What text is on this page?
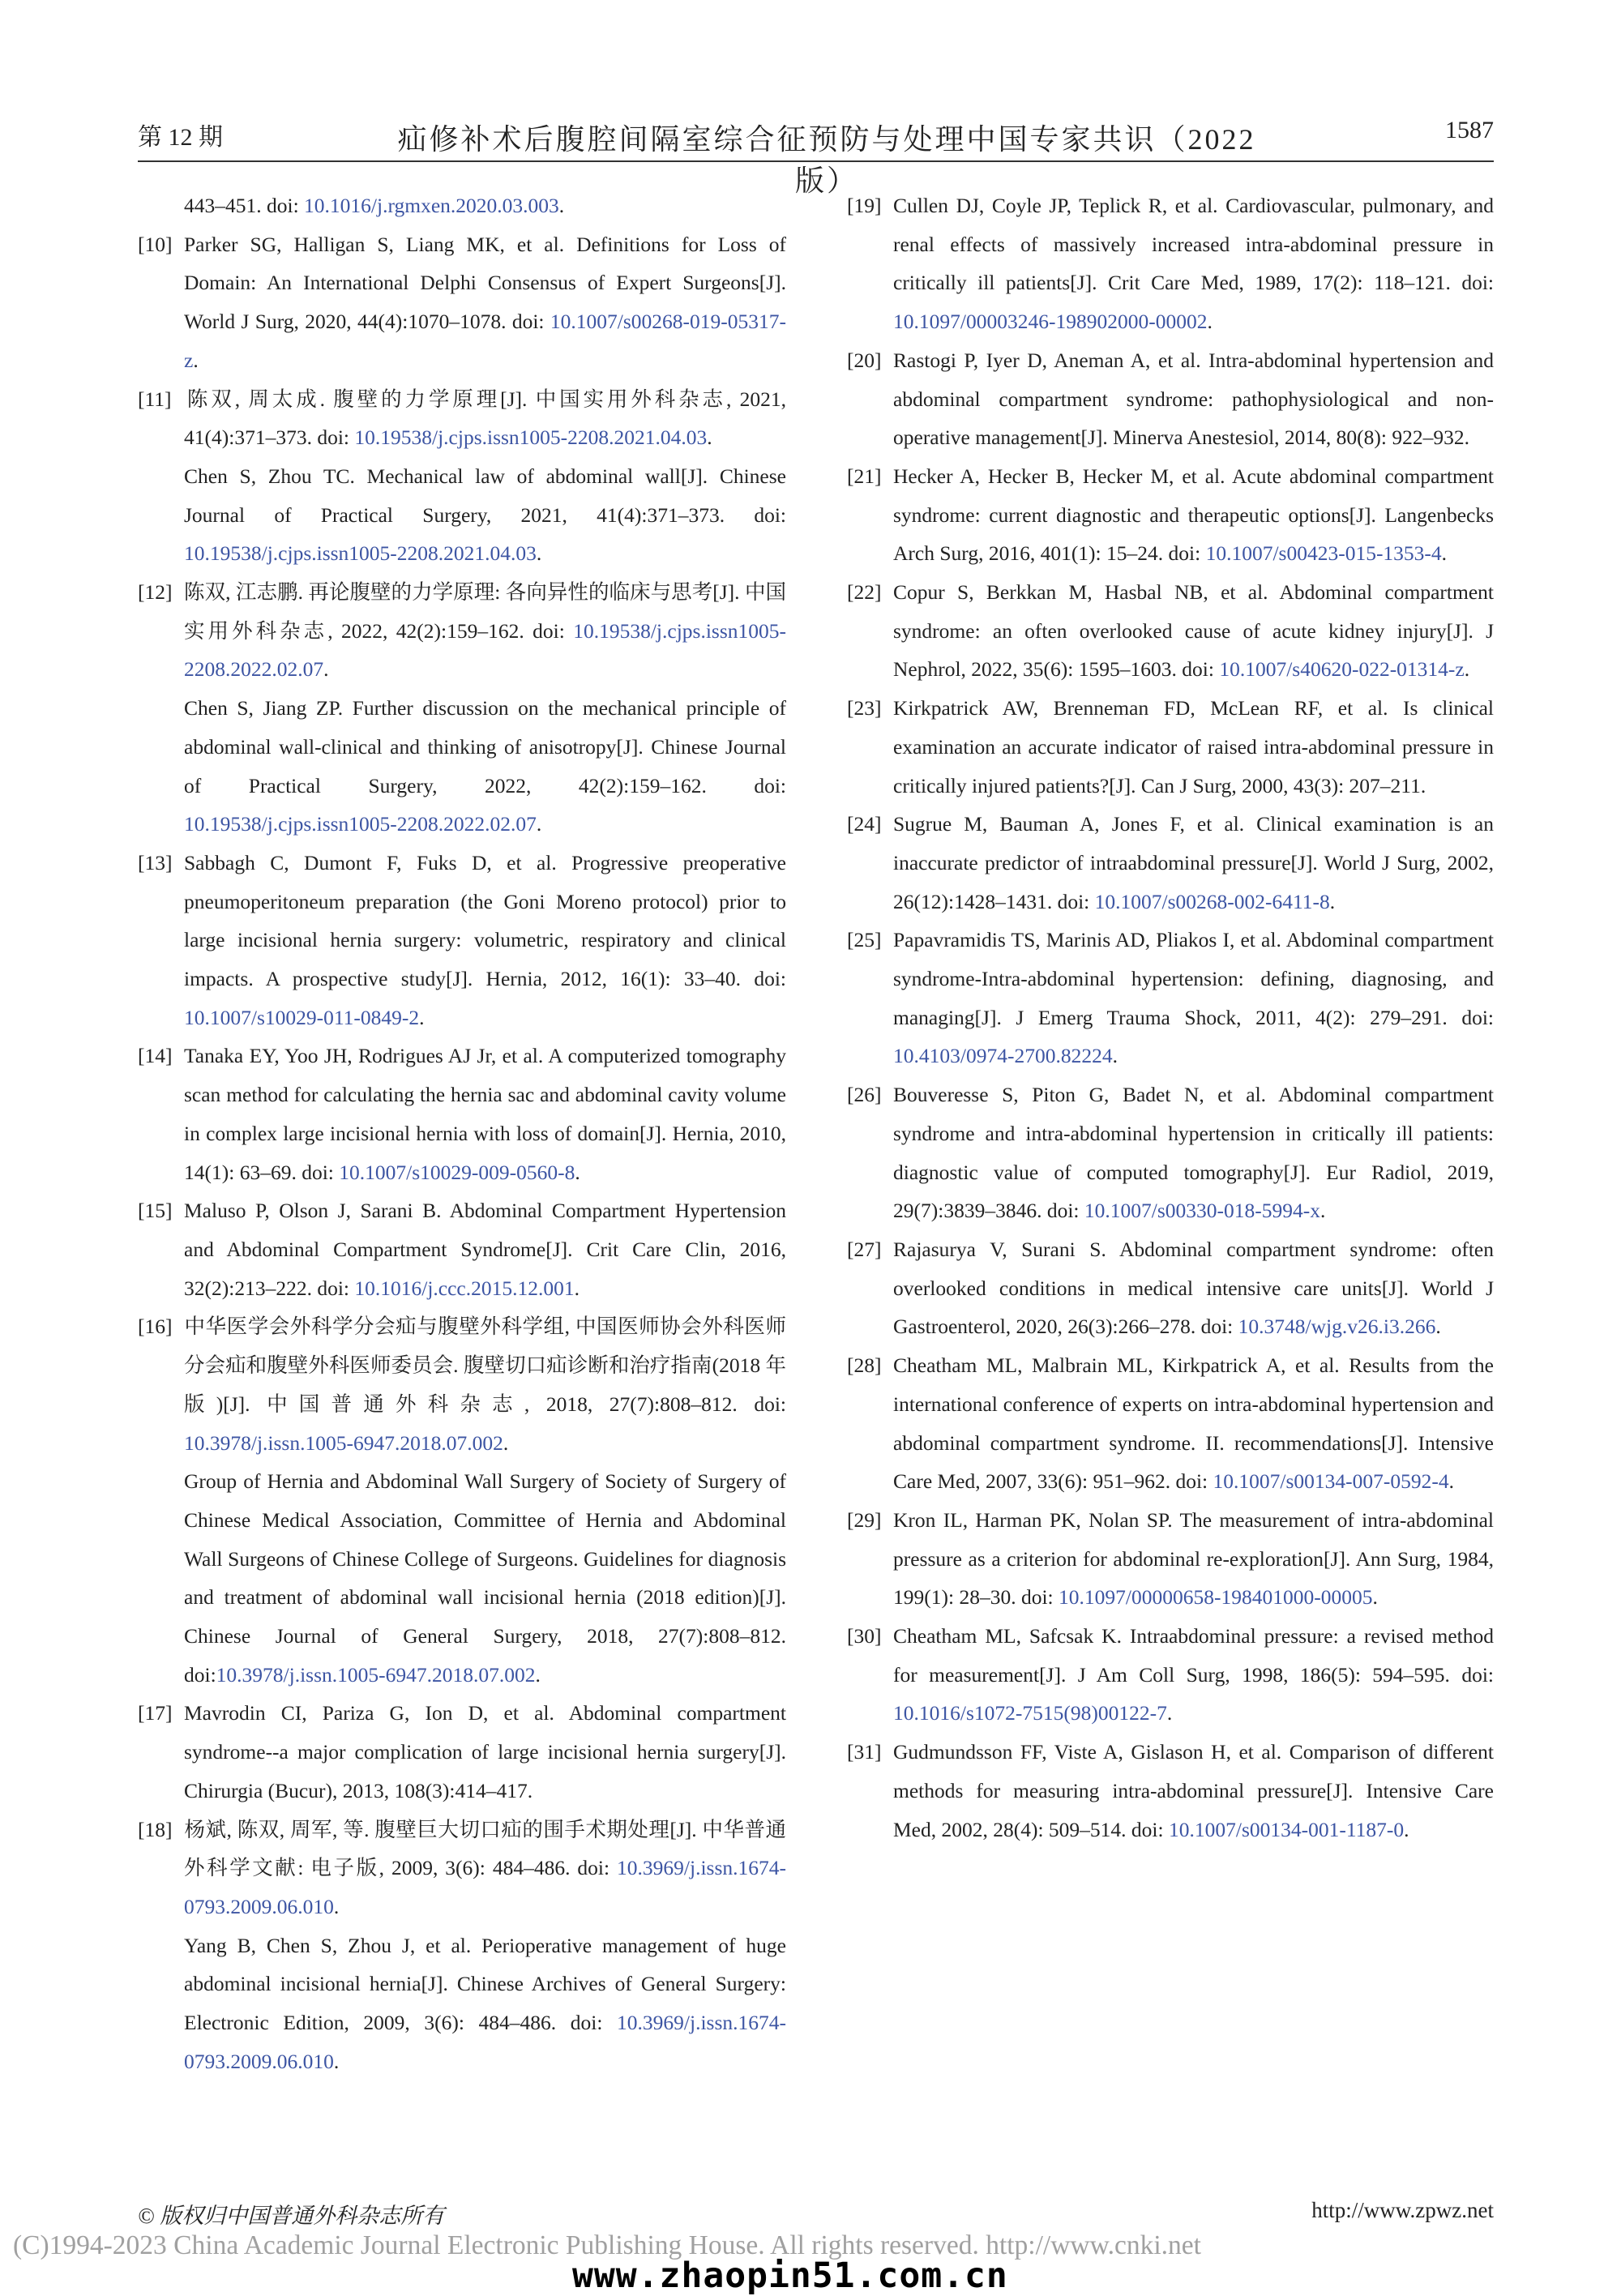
第 12 期	疝修补术后腹腔间隔室综合征预防与处理中国专家共识（2022 版）
1587
443–451. doi: 10.1016/j.rgmxen.2020.03.003.
[10] Parker SG, Halligan S, Liang MK, et al. Definitions for Loss of Domain: An International Delphi Consensus of Expert Surgeons[J]. World J Surg, 2020, 44(4):1070–1078. doi: 10.1007/s00268-019-05317-z.
[11] 陈双, 周太成. 腹壁的力学原理[J]. 中国实用外科杂志, 2021, 41(4):371–373. doi: 10.19538/j.cjps.issn1005-2208.2021.04.03.
Chen S, Zhou TC. Mechanical law of abdominal wall[J]. Chinese Journal of Practical Surgery, 2021, 41(4):371–373. doi: 10.19538/j.cjps.issn1005-2208.2021.04.03.
[12] 陈双, 江志鹏. 再论腹壁的力学原理: 各向异性的临床与思考[J]. 中国实用外科杂志, 2022, 42(2):159–162. doi: 10.19538/j.cjps.issn1005-2208.2022.02.07.
Chen S, Jiang ZP. Further discussion on the mechanical principle of abdominal wall-clinical and thinking of anisotropy[J]. Chinese Journal of Practical Surgery, 2022, 42(2):159–162. doi: 10.19538/j.cjps.issn1005-2208.2022.02.07.
[13] Sabbagh C, Dumont F, Fuks D, et al. Progressive preoperative pneumoperitoneum preparation (the Goni Moreno protocol) prior to large incisional hernia surgery: volumetric, respiratory and clinical impacts. A prospective study[J]. Hernia, 2012, 16(1): 33–40. doi: 10.1007/s10029-011-0849-2.
[14] Tanaka EY, Yoo JH, Rodrigues AJ Jr, et al. A computerized tomography scan method for calculating the hernia sac and abdominal cavity volume in complex large incisional hernia with loss of domain[J]. Hernia, 2010, 14(1): 63–69. doi: 10.1007/s10029-009-0560-8.
[15] Maluso P, Olson J, Sarani B. Abdominal Compartment Hypertension and Abdominal Compartment Syndrome[J]. Crit Care Clin, 2016, 32(2):213–222. doi: 10.1016/j.ccc.2015.12.001.
[16] 中华医学会外科学分会疝与腹壁外科学组, 中国医师协会外科医师分会疝和腹壁外科医师委员会. 腹壁切口疝诊断和治疗指南(2018 年版)[J]. 中国普通外科杂志, 2018, 27(7):808–812. doi: 10.3978/j.issn.1005-6947.2018.07.002.
Group of Hernia and Abdominal Wall Surgery of Society of Surgery of Chinese Medical Association, Committee of Hernia and Abdominal Wall Surgeons of Chinese College of Surgeons. Guidelines for diagnosis and treatment of abdominal wall incisional hernia (2018 edition)[J]. Chinese Journal of General Surgery, 2018, 27(7):808–812. doi:10.3978/j.issn.1005-6947.2018.07.002.
[17] Mavrodin CI, Pariza G, Ion D, et al. Abdominal compartment syndrome--a major complication of large incisional hernia surgery[J]. Chirurgia (Bucur), 2013, 108(3):414–417.
[18] 杨斌, 陈双, 周军, 等. 腹壁巨大切口疝的围手术期处理[J]. 中华普通外科学文献: 电子版, 2009, 3(6): 484–486. doi: 10.3969/j.issn.1674-0793.2009.06.010.
Yang B, Chen S, Zhou J, et al. Perioperative management of huge abdominal incisional hernia[J]. Chinese Archives of General Surgery: Electronic Edition, 2009, 3(6): 484–486. doi: 10.3969/j.issn.1674-0793.2009.06.010.
[19] Cullen DJ, Coyle JP, Teplick R, et al. Cardiovascular, pulmonary, and renal effects of massively increased intra-abdominal pressure in critically ill patients[J]. Crit Care Med, 1989, 17(2): 118–121. doi: 10.1097/00003246-198902000-00002.
[20] Rastogi P, Iyer D, Aneman A, et al. Intra-abdominal hypertension and abdominal compartment syndrome: pathophysiological and non-operative management[J]. Minerva Anestesiol, 2014, 80(8): 922–932.
[21] Hecker A, Hecker B, Hecker M, et al. Acute abdominal compartment syndrome: current diagnostic and therapeutic options[J]. Langenbecks Arch Surg, 2016, 401(1): 15–24. doi: 10.1007/s00423-015-1353-4.
[22] Copur S, Berkkan M, Hasbal NB, et al. Abdominal compartment syndrome: an often overlooked cause of acute kidney injury[J]. J Nephrol, 2022, 35(6): 1595–1603. doi: 10.1007/s40620-022-01314-z.
[23] Kirkpatrick AW, Brenneman FD, McLean RF, et al. Is clinical examination an accurate indicator of raised intra-abdominal pressure in critically injured patients?[J]. Can J Surg, 2000, 43(3): 207–211.
[24] Sugrue M, Bauman A, Jones F, et al. Clinical examination is an inaccurate predictor of intraabdominal pressure[J]. World J Surg, 2002, 26(12):1428–1431. doi: 10.1007/s00268-002-6411-8.
[25] Papavramidis TS, Marinis AD, Pliakos I, et al. Abdominal compartment syndrome-Intra-abdominal hypertension: defining, diagnosing, and managing[J]. J Emerg Trauma Shock, 2011, 4(2): 279–291. doi: 10.4103/0974-2700.82224.
[26] Bouveresse S, Piton G, Badet N, et al. Abdominal compartment syndrome and intra-abdominal hypertension in critically ill patients: diagnostic value of computed tomography[J]. Eur Radiol, 2019, 29(7):3839–3846. doi: 10.1007/s00330-018-5994-x.
[27] Rajasurya V, Surani S. Abdominal compartment syndrome: often overlooked conditions in medical intensive care units[J]. World J Gastroenterol, 2020, 26(3):266–278. doi: 10.3748/wjg.v26.i3.266.
[28] Cheatham ML, Malbrain ML, Kirkpatrick A, et al. Results from the international conference of experts on intra-abdominal hypertension and abdominal compartment syndrome. II. recommendations[J]. Intensive Care Med, 2007, 33(6): 951–962. doi: 10.1007/s00134-007-0592-4.
[29] Kron IL, Harman PK, Nolan SP. The measurement of intra-abdominal pressure as a criterion for abdominal re-exploration[J]. Ann Surg, 1984, 199(1): 28–30. doi: 10.1097/00000658-198401000-00005.
[30] Cheatham ML, Safcsak K. Intraabdominal pressure: a revised method for measurement[J]. J Am Coll Surg, 1998, 186(5): 594–595. doi: 10.1016/s1072-7515(98)00122-7.
[31] Gudmundsson FF, Viste A, Gislason H, et al. Comparison of different methods for measuring intra-abdominal pressure[J]. Intensive Care Med, 2002, 28(4): 509–514. doi: 10.1007/s00134-001-1187-0.
© 版权归中国普通外科杂志所有	http://www.zpwz.net
(C)1994-2023 China Academic Journal Electronic Publishing House. All rights reserved. http://www.cnki.net
www.zhaopin51.com.cn
